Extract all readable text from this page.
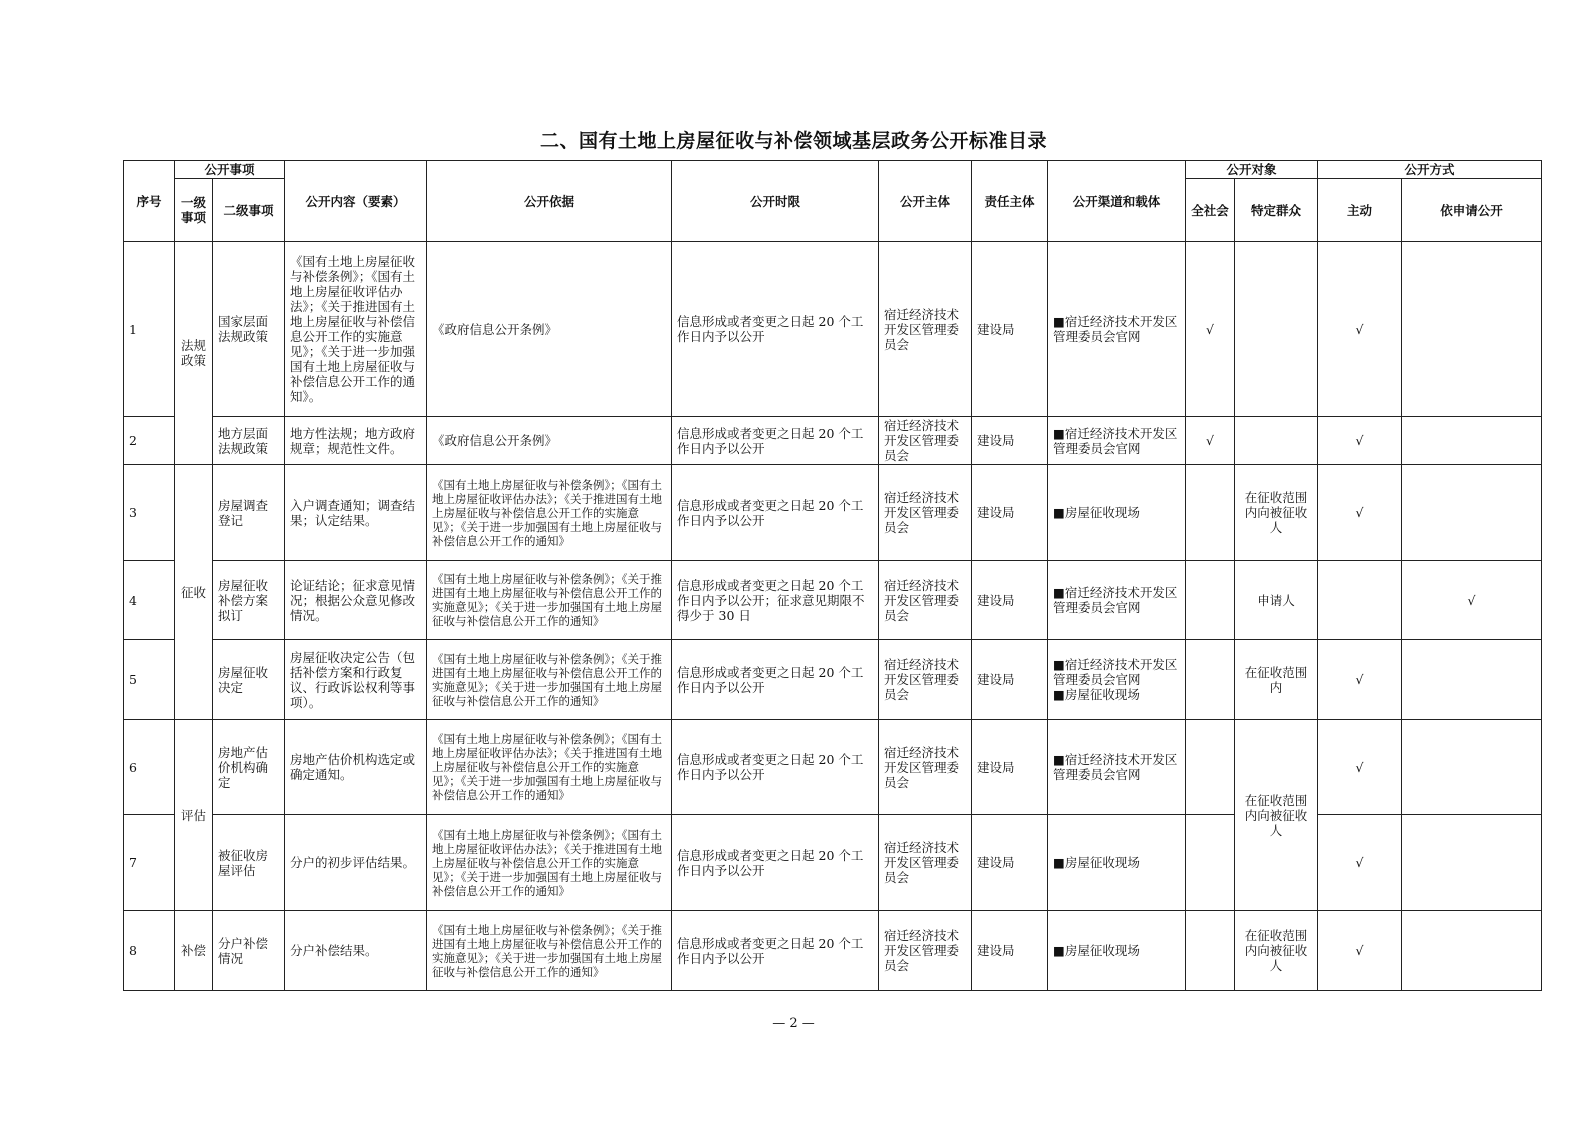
二、国有土地上房屋征收与补偿领域基层政务公开标准目录
序号	公开事项		公开内容（要素）	公开依据	公开时限	公开主体	责任主体	公开渠道和载体	公开对象		公开方式	
	一级事项	二级事项							全社会	特定群众	主动	依申请公开
1	法规政策	国家层面法规政策	《国有土地上房屋征收与补偿条例》；《国有土地上房屋征收评估办法》；《关于推进国有土地上房屋征收与补偿信息公开工作的实施意见》；《关于进一步加强国有土地上房屋征收与补偿信息公开工作的通知》。	《政府信息公开条例》	信息形成或者变更之日起 20 个工作日内予以公开	宿迁经济技术开发区管理委员会	建设局	■宿迁经济技术开发区管理委员会官网	√		√	
2		地方层面法规政策	地方性法规；地方政府规章；规范性文件。	《政府信息公开条例》	信息形成或者变更之日起 20 个工作日内予以公开	宿迁经济技术开发区管理委员会	建设局	■宿迁经济技术开发区管理委员会官网	√		√	
3	征收	房屋调查登记	入户调查通知；调查结果；认定结果。	《国有土地上房屋征收与补偿条例》；《国有土地上房屋征收评估办法》；《关于推进国有土地上房屋征收与补偿信息公开工作的实施意见》；《关于进一步加强国有土地上房屋征收与补偿信息公开工作的通知》	信息形成或者变更之日起 20 个工作日内予以公开	宿迁经济技术开发区管理委员会	建设局	■房屋征收现场		在征收范围内向被征收人	√	
4		房屋征收补偿方案拟订	论证结论；征求意见情况；根据公众意见修改情况。	《国有土地上房屋征收与补偿条例》；《关于推进国有土地上房屋征收与补偿信息公开工作的实施意见》；《关于进一步加强国有土地上房屋征收与补偿信息公开工作的通知》	信息形成或者变更之日起 20 个工作日内予以公开；征求意见期限不得少于 30 日	宿迁经济技术开发区管理委员会	建设局	■宿迁经济技术开发区管理委员会官网		申请人		√
5		房屋征收决定	房屋征收决定公告（包括补偿方案和行政复议、行政诉讼权利等事项）。	《国有土地上房屋征收与补偿条例》；《关于推进国有土地上房屋征收与补偿信息公开工作的实施意见》；《关于进一步加强国有土地上房屋征收与补偿信息公开工作的通知》	信息形成或者变更之日起 20 个工作日内予以公开	宿迁经济技术开发区管理委员会	建设局	■宿迁经济技术开发区管理委员会官网
■房屋征收现场		在征收范围内	√	
6	评估	房地产估价机构确定	房地产估价机构选定或确定通知。	《国有土地上房屋征收与补偿条例》；《国有土地上房屋征收评估办法》；《关于推进国有土地上房屋征收与补偿信息公开工作的实施意见》；《关于进一步加强国有土地上房屋征收与补偿信息公开工作的通知》	信息形成或者变更之日起 20 个工作日内予以公开	宿迁经济技术开发区管理委员会	建设局	■宿迁经济技术开发区管理委员会官网		在征收范围内向被征收人	√	
7		被征收房屋评估	分户的初步评估结果。	《国有土地上房屋征收与补偿条例》；《国有土地上房屋征收评估办法》；《关于推进国有土地上房屋征收与补偿信息公开工作的实施意见》；《关于进一步加强国有土地上房屋征收与补偿信息公开工作的通知》	信息形成或者变更之日起 20 个工作日内予以公开	宿迁经济技术开发区管理委员会	建设局	■房屋征收现场			√	
8	补偿	分户补偿情况	分户补偿结果。	《国有土地上房屋征收与补偿条例》；《关于推进国有土地上房屋征收与补偿信息公开工作的实施意见》；《关于进一步加强国有土地上房屋征收与补偿信息公开工作的通知》	信息形成或者变更之日起 20 个工作日内予以公开	宿迁经济技术开发区管理委员会	建设局	■房屋征收现场		在征收范围内向被征收人	√	
— 2 —
